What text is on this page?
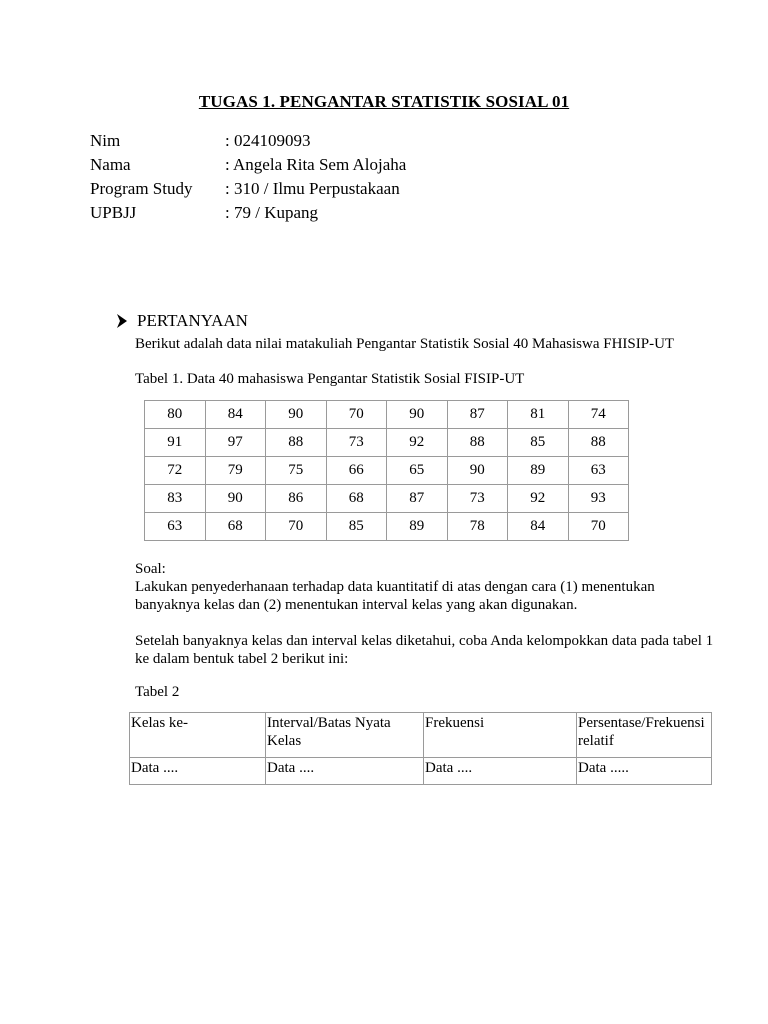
TUGAS 1. PENGANTAR STATISTIK SOSIAL 01
Nim	: 024109093
Nama	: Angela Rita Sem Alojaha
Program Study	: 310 / Ilmu Perpustakaan
UPBJJ	: 79 / Kupang
PERTANYAAN
Berikut adalah data nilai matakuliah Pengantar Statistik Sosial 40 Mahasiswa FHISIP-UT
Tabel 1. Data 40 mahasiswa Pengantar Statistik Sosial FISIP-UT
80	84	90	70	90	87	81	74
91	97	88	73	92	88	85	88
72	79	75	66	65	90	89	63
83	90	86	68	87	73	92	93
63	68	70	85	89	78	84	70

Soal:

Lakukan penyederhanaan terhadap data kuantitatif di atas dengan cara (1) menentukan banyaknya kelas dan (2) menentukan interval kelas yang akan digunakan.

Setelah banyaknya kelas dan interval kelas diketahui, coba Anda kelompokkan data pada tabel 1 ke dalam bentuk tabel 2 berikut ini:

Tabel 2
Kelas ke-	Interval/Batas Nyata Kelas	Frekuensi	Persentase/Frekuensi relatif
Data ....	Data ....	Data ....	Data .....
